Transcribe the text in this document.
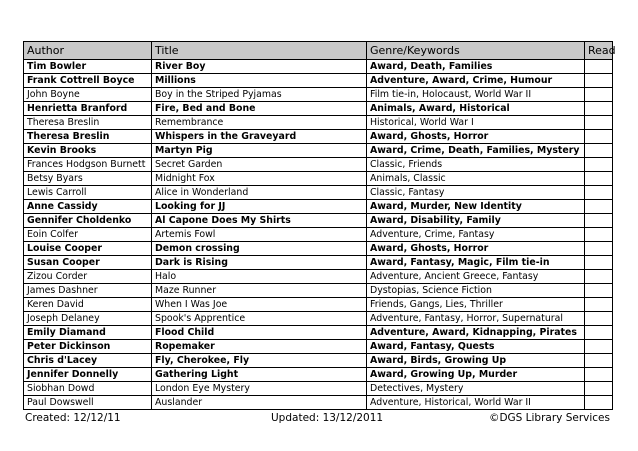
Author	Title	Genre/Keywords	Read
Tim Bowler	River Boy	Award, Death, Families	
Frank Cottrell Boyce	Millions	Adventure, Award, Crime, Humour	
John Boyne	Boy in the Striped Pyjamas	Film tie-in, Holocaust, World War II	
Henrietta Branford	Fire, Bed and Bone	Animals, Award, Historical	
Theresa Breslin	Remembrance	Historical, World War I	
Theresa Breslin	Whispers in the Graveyard	Award, Ghosts, Horror	
Kevin Brooks	Martyn Pig	Award, Crime, Death, Families, Mystery	
Frances Hodgson Burnett	Secret Garden	Classic, Friends	
Betsy Byars	Midnight Fox	Animals, Classic	
Lewis Carroll	Alice in Wonderland	Classic, Fantasy	
Anne Cassidy	Looking for JJ	Award, Murder, New Identity	
Gennifer Choldenko	Al Capone Does My Shirts	Award, Disability, Family	
Eoin Colfer	Artemis Fowl	Adventure, Crime, Fantasy	
Louise Cooper	Demon crossing	Award, Ghosts, Horror	
Susan Cooper	Dark is Rising	Award, Fantasy, Magic, Film tie-in	
Zizou Corder	Halo	Adventure, Ancient Greece, Fantasy	
James Dashner	Maze Runner	Dystopias, Science Fiction	
Keren David	When I Was Joe	Friends, Gangs, Lies, Thriller	
Joseph Delaney	Spook's Apprentice	Adventure, Fantasy, Horror, Supernatural	
Emily Diamand	Flood Child	Adventure, Award, Kidnapping, Pirates	
Peter Dickinson	Ropemaker	Award, Fantasy, Quests	
Chris d'Lacey	Fly, Cherokee, Fly	Award, Birds, Growing Up	
Jennifer Donnelly	Gathering Light	Award, Growing Up, Murder	
Siobhan Dowd	London Eye Mystery	Detectives, Mystery	
Paul Dowswell	Auslander	Adventure, Historical, World War II	
Created: 12/12/11	Updated: 13/12/2011	©DGS Library Services
